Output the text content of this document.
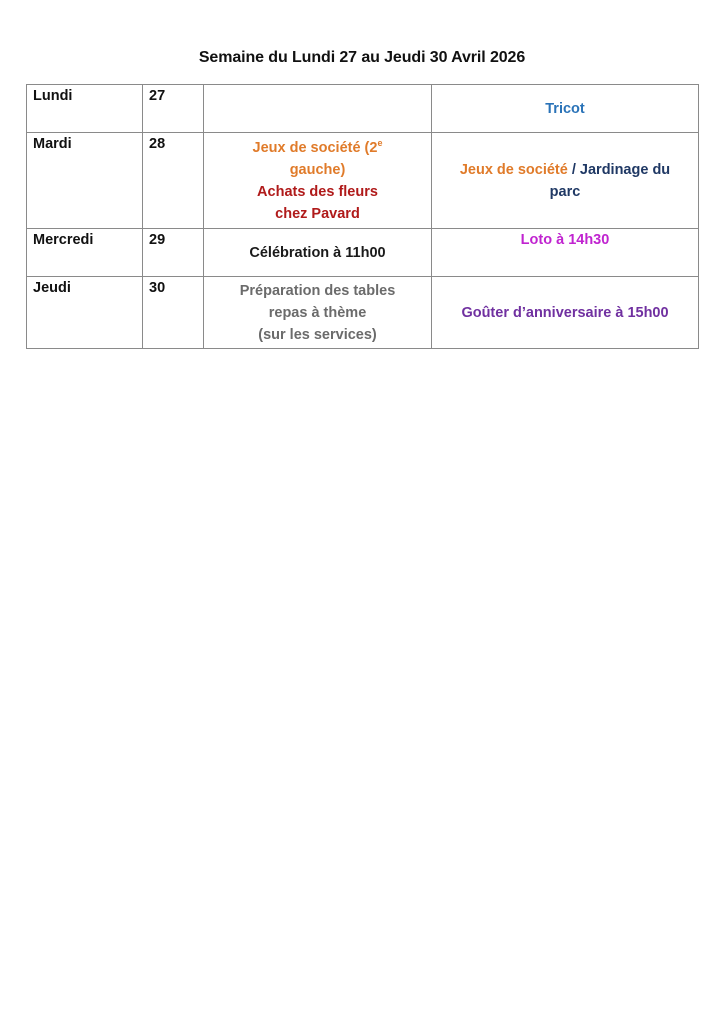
Semaine du Lundi 27 au Jeudi 30 Avril 2026
Lundi	27		Tricot

Mardi	28	Jeux de société (2e
gauche)
Achats des fleurs
chez Pavard	Jeux de société / Jardinage du
parc

Mercredi	29	Célébration à 11h00	Loto à 14h30

Jeudi	30	Préparation des tables
repas à thème
(sur les services)	Goûter d’anniversaire à 15h00
